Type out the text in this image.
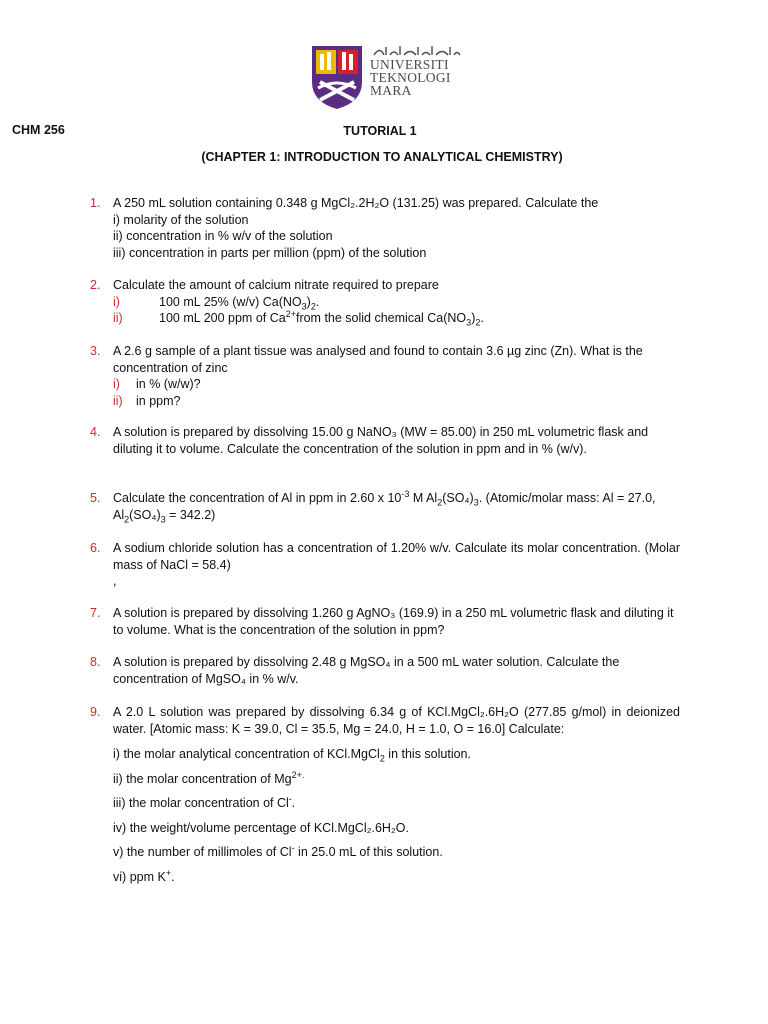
UNIVERSITI
TEKNOLOGI
MARA
CHM 256	TUTORIAL 1
(CHAPTER 1: INTRODUCTION TO ANALYTICAL CHEMISTRY)
1. A 250 mL solution containing 0.348 g MgCl₂.2H₂O (131.25) was prepared. Calculate the
i) molarity of the solution
ii) concentration in % w/v of the solution
iii) concentration in parts per million (ppm) of the solution
2. Calculate the amount of calcium nitrate required to prepare
i)	100 mL 25% (w/v) $Ca(NO_3)_2$.
ii)	100 mL 200 ppm of $Ca^{2+}from$ the solid chemical $Ca(NO_3)_2$.
3. A 2.6 g sample of a plant tissue was analysed and found to contain 3.6 µg zinc (Zn). What is the concentration of zinc
i)	in % (w/w)?
ii)	in ppm?
4. A solution is prepared by dissolving 15.00 g NaNO₃ (MW = 85.00) in 250 mL volumetric flask and diluting it to volume. Calculate the concentration of the solution in ppm and in % (w/v).
5. Calculate the concentration of Al in ppm in 2.60 x $10^{-3}$ M $Al_2(SO_4)_3$. (Atomic/molar mass: Al = 27.0, $Al_2(SO_4)_3 = 342.2$)
6. A sodium chloride solution has a concentration of 1.20% w/v. Calculate its molar concentration. (Molar mass of NaCl = 58.4)
,
7. A solution is prepared by dissolving 1.260 g AgNO₃ (169.9) in a 250 mL volumetric flask and diluting it to volume. What is the concentration of the solution in ppm?
8. A solution is prepared by dissolving 2.48 g MgSO₄ in a 500 mL water solution. Calculate the concentration of MgSO₄ in % w/v.
9. A 2.0 L solution was prepared by dissolving 6.34 g of KCl.MgCl₂.6H₂O (277.85 g/mol) in deionized water. [Atomic mass: K = 39.0, Cl = 35.5, Mg = 24.0, H = 1.0, O = 16.0] Calculate:
i) the molar analytical concentration of KCl.MgCl$_2$ in this solution.
ii) the molar concentration of $Mg^{2+.}$
iii) the molar concentration of Cl-.
iv) the weight/volume percentage of KCl.MgCl₂.6H₂O.
v) the number of millimoles of Cl- in 25.0 mL of this solution.
vi) ppm K+.
